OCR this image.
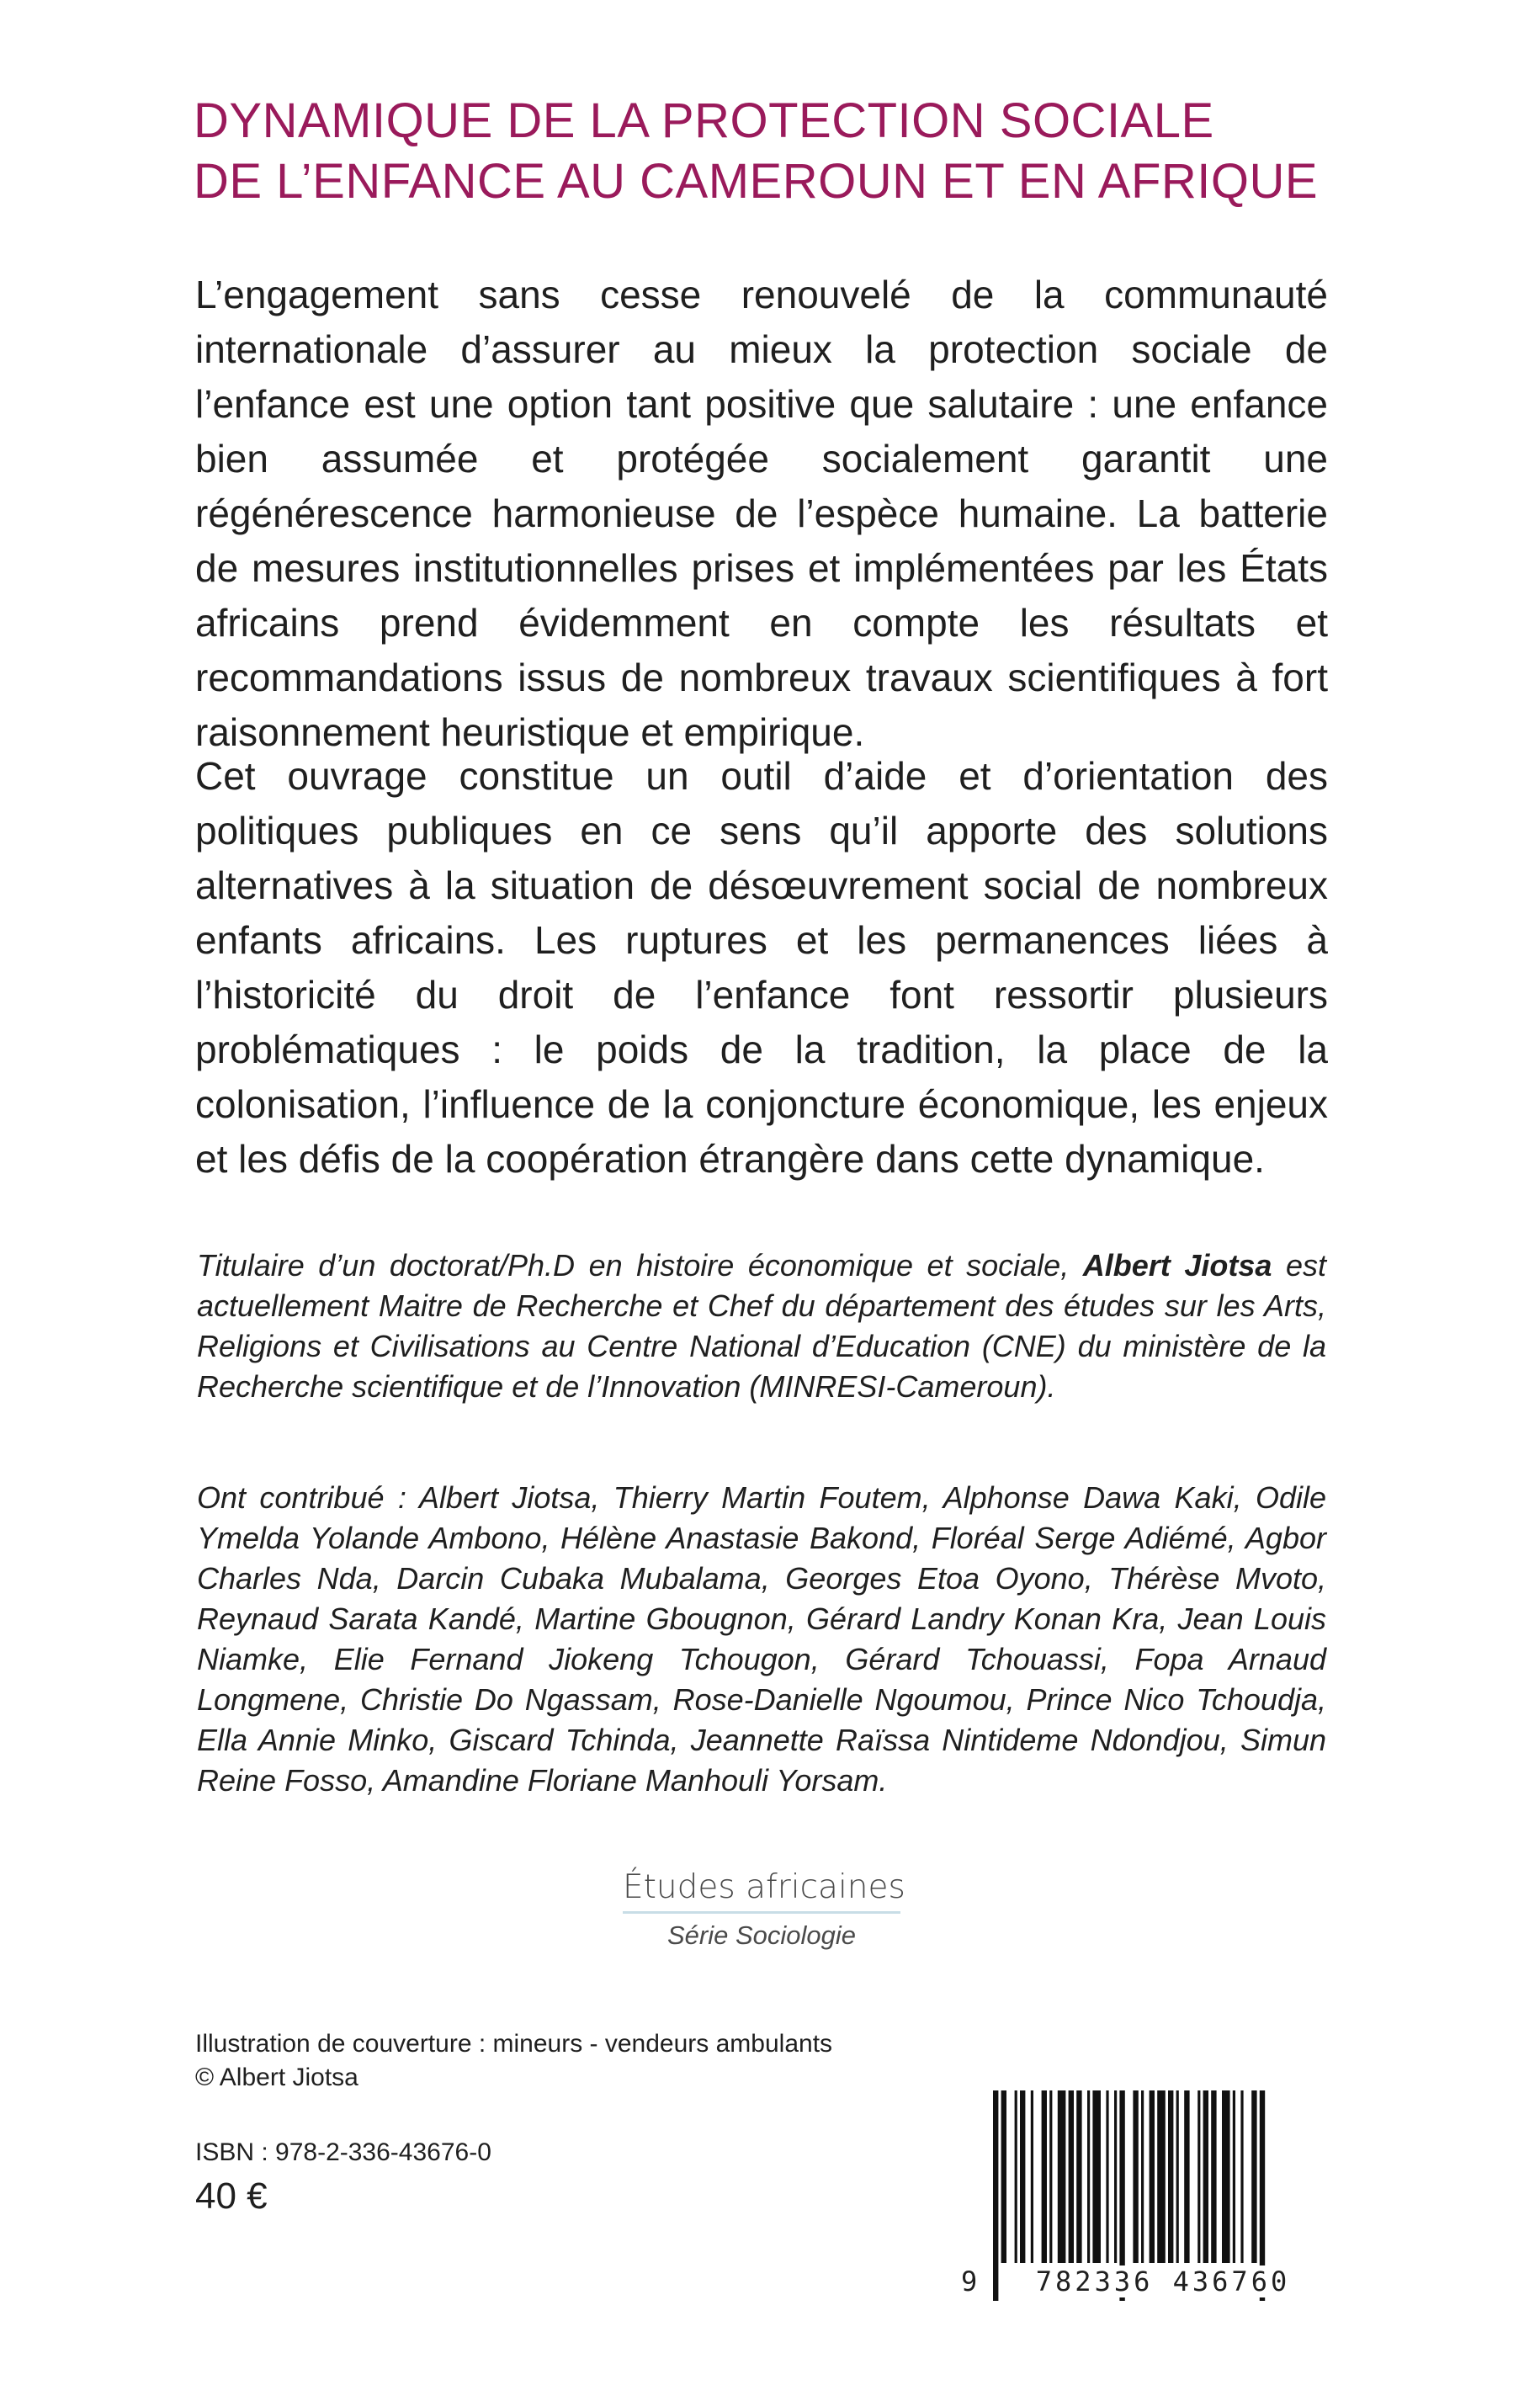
DYNAMIQUE DE LA PROTECTION SOCIALE
DE L’ENFANCE AU CAMEROUN ET EN AFRIQUE

L’engagement sans cesse renouvelé de la communauté internationale d’assurer au mieux la protection sociale de l’enfance est une option tant positive que salutaire : une enfance bien assumée et protégée socialement garantit une régénérescence harmonieuse de l’espèce humaine. La batterie de mesures institutionnelles prises et implémentées par les États africains prend évidemment en compte les résultats et recommandations issus de nombreux travaux scientifiques à fort raisonnement heuristique et empirique.

Cet ouvrage constitue un outil d’aide et d’orientation des politiques publiques en ce sens qu’il apporte des solutions alternatives à la situation de désœuvrement social de nombreux enfants africains. Les ruptures et les permanences liées à l’historicité du droit de l’enfance font ressortir plusieurs problématiques : le poids de la tradition, la place de la colonisation, l’influence de la conjoncture économique, les enjeux et les défis de la coopération étrangère dans cette dynamique.

Titulaire d’un doctorat/Ph.D en histoire économique et sociale, Albert Jiotsa est actuellement Maitre de Recherche et Chef du département des études sur les Arts, Religions et Civilisations au Centre National d’Education (CNE) du ministère de la Recherche scientifique et de l’Innovation (MINRESI-Cameroun).

Ont contribué : Albert Jiotsa, Thierry Martin Foutem, Alphonse Dawa Kaki, Odile Ymelda Yolande Ambono, Hélène Anastasie Bakond, Floréal Serge Adiémé, Agbor Charles Nda, Darcin Cubaka Mubalama, Georges Etoa Oyono, Thérèse Mvoto, Reynaud Sarata Kandé, Martine Gbougnon, Gérard Landry Konan Kra, Jean Louis Niamke, Elie Fernand Jiokeng Tchougon, Gérard Tchouassi, Fopa Arnaud Longmene, Christie Do Ngassam, Rose-Danielle Ngoumou, Prince Nico Tchoudja, Ella Annie Minko, Giscard Tchinda, Jeannette Raïssa Nintideme Ndondjou, Simun Reine Fosso, Amandine Floriane Manhouli Yorsam.

Études africaines
Série Sociologie
Illustration de couverture : mineurs - vendeurs ambulants
© Albert Jiotsa

ISBN : 978-2-336-43676-0

40 €

9	782336 436760
